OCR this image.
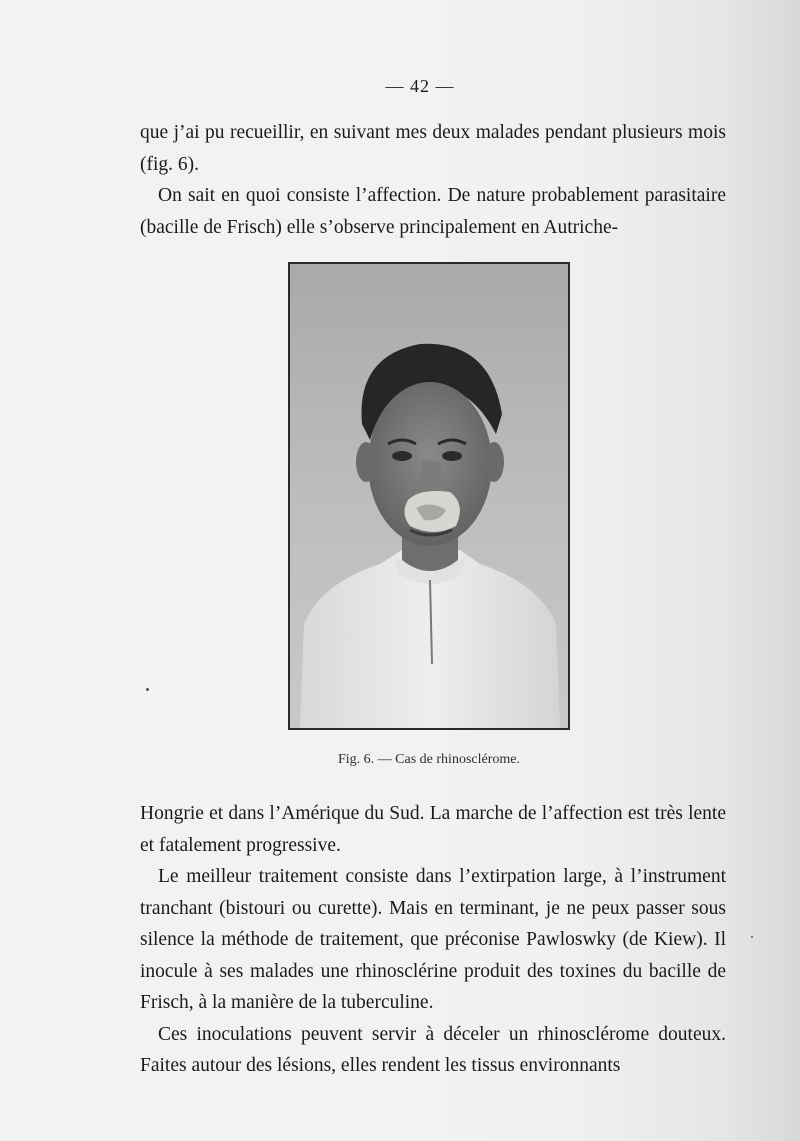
— 42 —

que j’ai pu recueillir, en suivant mes deux malades pendant plusieurs mois (fig. 6).

On sait en quoi consiste l’affection. De nature probablement parasitaire (bacille de Frisch) elle s’observe principalement en Autriche-

Fig. 6. — Cas de rhinosclérome.

Hongrie et dans l’Amérique du Sud. La marche de l’affection est très lente et fatalement progressive.

Le meilleur traitement consiste dans l’extirpation large, à l’instrument tranchant (bistouri ou curette). Mais en terminant, je ne peux passer sous silence la méthode de traitement, que préconise Pawloswky (de Kiew). Il inocule à ses malades une rhinosclérine produit des toxines du bacille de Frisch, à la manière de la tuberculine.

Ces inoculations peuvent servir à déceler un rhinosclérome douteux. Faites autour des lésions, elles rendent les tissus environnants
